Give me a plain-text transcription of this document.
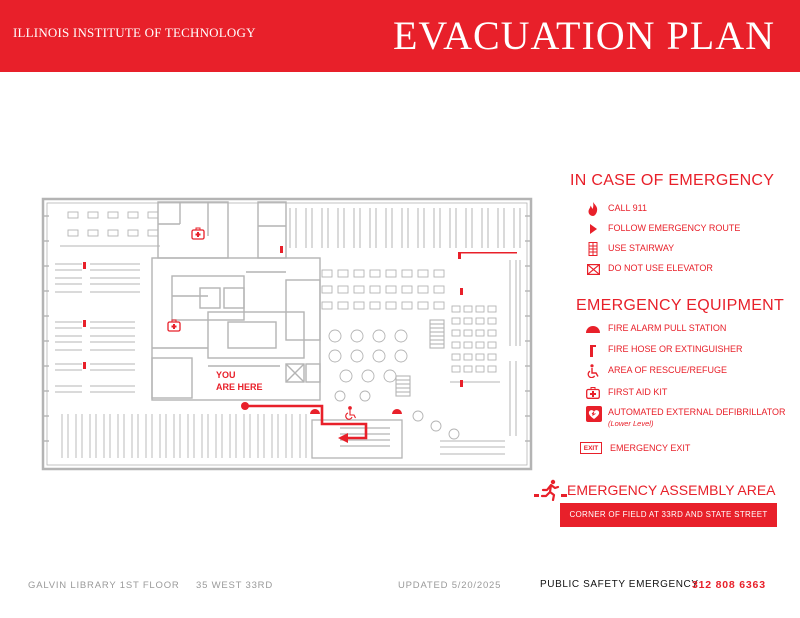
ILLINOIS INSTITUTE OF TECHNOLOGY	EVACUATION PLAN
YOU
ARE HERE
IN CASE OF EMERGENCY
CALL 911
FOLLOW EMERGENCY ROUTE
USE STAIRWAY
DO NOT USE ELEVATOR
EMERGENCY EQUIPMENT
FIRE ALARM PULL STATION
FIRE HOSE OR EXTINGUISHER
AREA OF RESCUE/REFUGE
FIRST AID KIT
AUTOMATED EXTERNAL DEFIBRILLATOR
(Lower Level)
EXIT	EMERGENCY EXIT
EMERGENCY ASSEMBLY AREA
CORNER OF FIELD AT 33RD AND STATE STREET
GALVIN LIBRARY 1ST FLOOR 35 WEST 33RD	UPDATED 5/20/2025	PUBLIC SAFETY EMERGENCY
312 808 6363
